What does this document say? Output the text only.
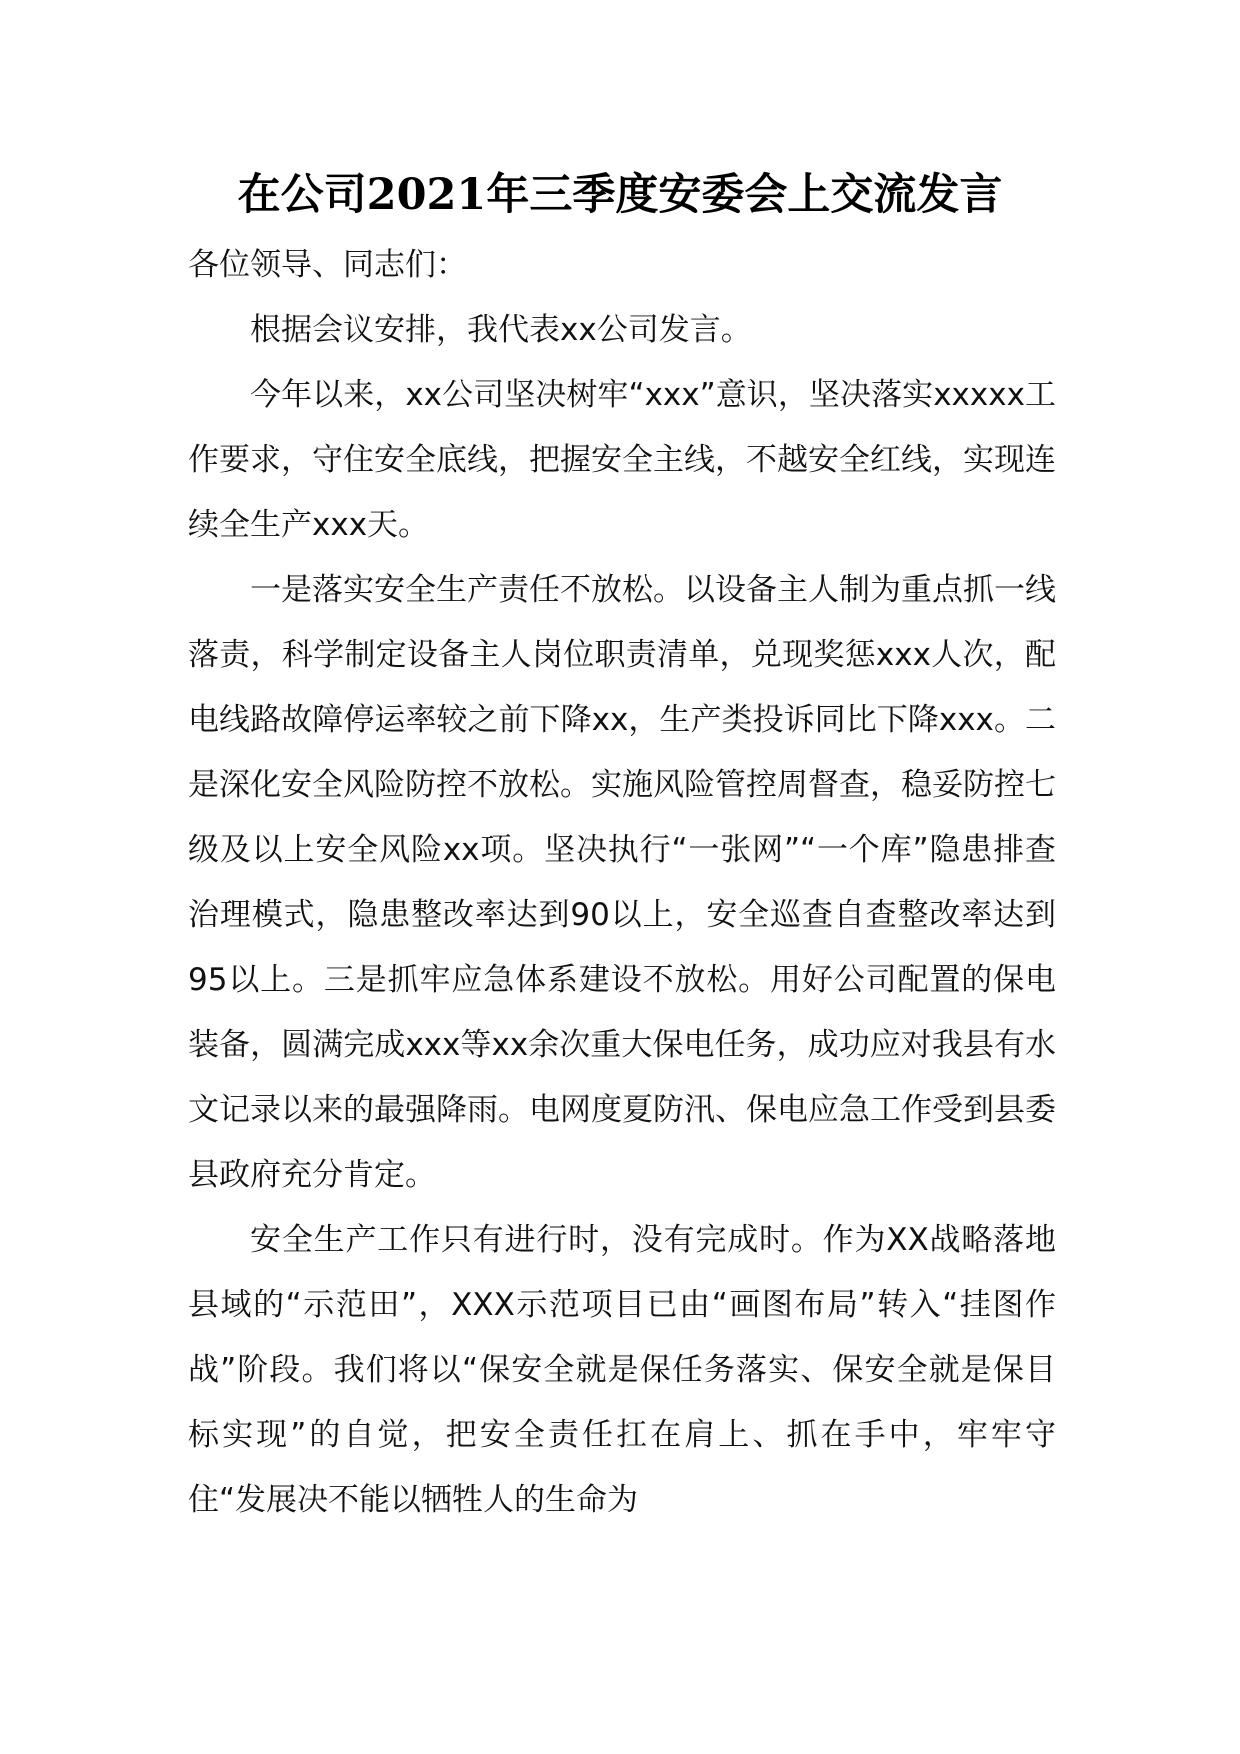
在公司2021年三季度安委会上交流发言

各位领导、同志们：

根据会议安排，我代表xx公司发言。

今年以来，xx公司坚决树牢“xxx”意识，坚决落实xxxxx工作要求，守住安全底线，把握安全主线，不越安全红线，实现连续全生产xxx天。

一是落实安全生产责任不放松。以设备主人制为重点抓一线落责，科学制定设备主人岗位职责清单，兑现奖惩xxx人次，配电线路故障停运率较之前下降xx，生产类投诉同比下降xxx。二是深化安全风险防控不放松。实施风险管控周督查，稳妥防控七级及以上安全风险xx项。坚决执行“一张网”“一个库”隐患排查治理模式，隐患整改率达到90以上，安全巡查自查整改率达到95以上。三是抓牢应急体系建设不放松。用好公司配置的保电装备，圆满完成xxx等xx余次重大保电任务，成功应对我县有水文记录以来的最强降雨。电网度夏防汛、保电应急工作受到县委县政府充分肯定。

安全生产工作只有进行时，没有完成时。作为XX战略落地县域的“示范田”，XXX示范项目已由“画图布局”转入“挂图作战”阶段。我们将以“保安全就是保任务落实、保安全就是保目标实现”的自觉，把安全责任扛在肩上、抓在手中，牢牢守住“发展决不能以牺牲人的生命为
